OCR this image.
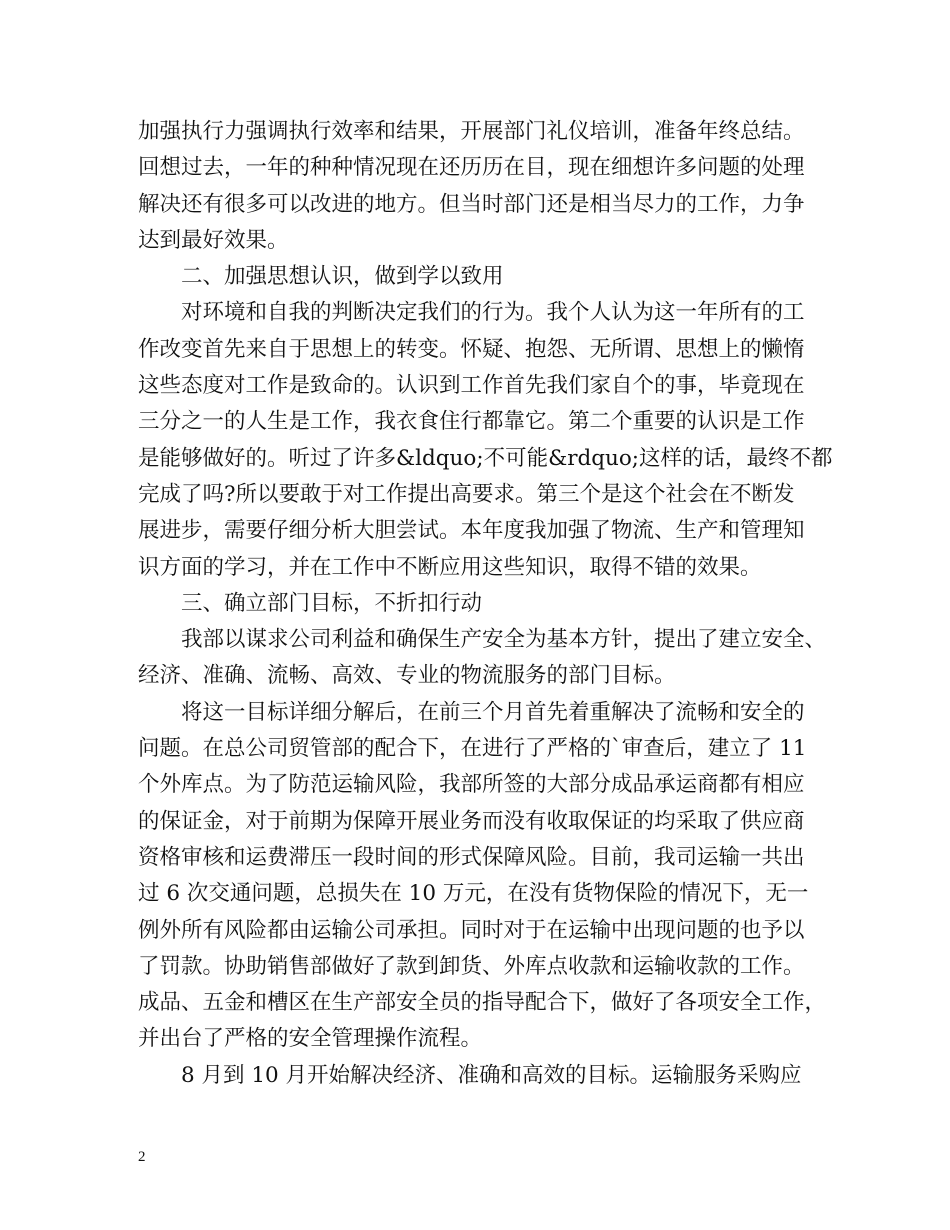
加强执行力强调执行效率和结果，开展部门礼仪培训，准备年终总结。
回想过去，一年的种种情况现在还历历在目，现在细想许多问题的处理
解决还有很多可以改进的地方。但当时部门还是相当尽力的工作，力争
达到最好效果。
二、加强思想认识，做到学以致用
对环境和自我的判断决定我们的行为。我个人认为这一年所有的工
作改变首先来自于思想上的转变。怀疑、抱怨、无所谓、思想上的懒惰
这些态度对工作是致命的。认识到工作首先我们家自个的事，毕竟现在
三分之一的人生是工作，我衣食住行都靠它。第二个重要的认识是工作
是能够做好的。听过了许多&ldquo;不可能&rdquo;这样的话，最终不都
完成了吗?所以要敢于对工作提出高要求。第三个是这个社会在不断发
展进步，需要仔细分析大胆尝试。本年度我加强了物流、生产和管理知
识方面的学习，并在工作中不断应用这些知识，取得不错的效果。
三、确立部门目标，不折扣行动
我部以谋求公司利益和确保生产安全为基本方针，提出了建立安全、
经济、准确、流畅、高效、专业的物流服务的部门目标。
将这一目标详细分解后，在前三个月首先着重解决了流畅和安全的
问题。在总公司贸管部的配合下，在进行了严格的`审查后，建立了 11
个外库点。为了防范运输风险，我部所签的大部分成品承运商都有相应
的保证金，对于前期为保障开展业务而没有收取保证的均采取了供应商
资格审核和运费滞压一段时间的形式保障风险。目前，我司运输一共出
过 6 次交通问题，总损失在 10 万元，在没有货物保险的情况下，无一
例外所有风险都由运输公司承担。同时对于在运输中出现问题的也予以
了罚款。协助销售部做好了款到卸货、外库点收款和运输收款的工作。
成品、五金和槽区在生产部安全员的指导配合下，做好了各项安全工作，
并出台了严格的安全管理操作流程。
8 月到 10 月开始解决经济、准确和高效的目标。运输服务采购应
2
